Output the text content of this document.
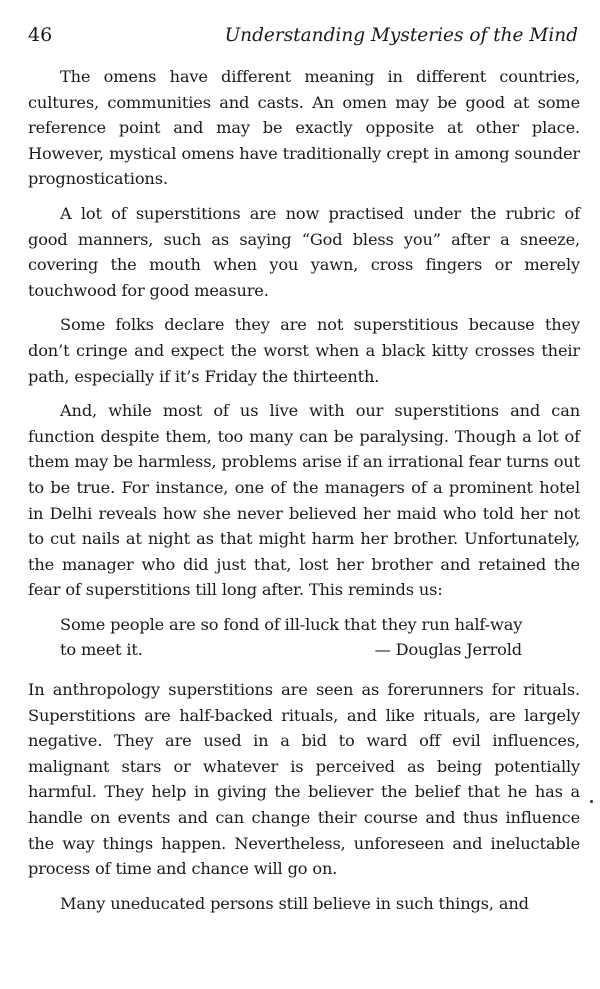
46	Understanding Mysteries of the Mind

The omens have different meaning in different countries, cultures, communities and casts. An omen may be good at some reference point and may be exactly opposite at other place. However, mystical omens have traditionally crept in among sounder prognostications.

A lot of superstitions are now practised under the rubric of good manners, such as saying “God bless you” after a sneeze, covering the mouth when you yawn, cross fingers or merely touchwood for good measure.

Some folks declare they are not superstitious because they don’t cringe and expect the worst when a black kitty crosses their path, especially if it’s Friday the thirteenth.

And, while most of us live with our superstitions and can function despite them, too many can be paralysing. Though a lot of them may be harmless, problems arise if an irrational fear turns out to be true. For instance, one of the managers of a prominent hotel in Delhi reveals how she never believed her maid who told her not to cut nails at night as that might harm her brother. Unfortunately, the manager who did just that, lost her brother and retained the fear of superstitions till long after. This reminds us:

Some people are so fond of ill-luck that they run half-way
to meet it.	— Douglas Jerrold

In anthropology superstitions are seen as forerunners for rituals. Superstitions are half-backed rituals, and like rituals, are largely negative. They are used in a bid to ward off evil influences, malignant stars or whatever is perceived as being potentially harmful. They help in giving the believer the belief that he has a handle on events and can change their course and thus influence the way things happen. Nevertheless, unforeseen and ineluctable process of time and chance will go on.

Many uneducated persons still believe in such things, and
